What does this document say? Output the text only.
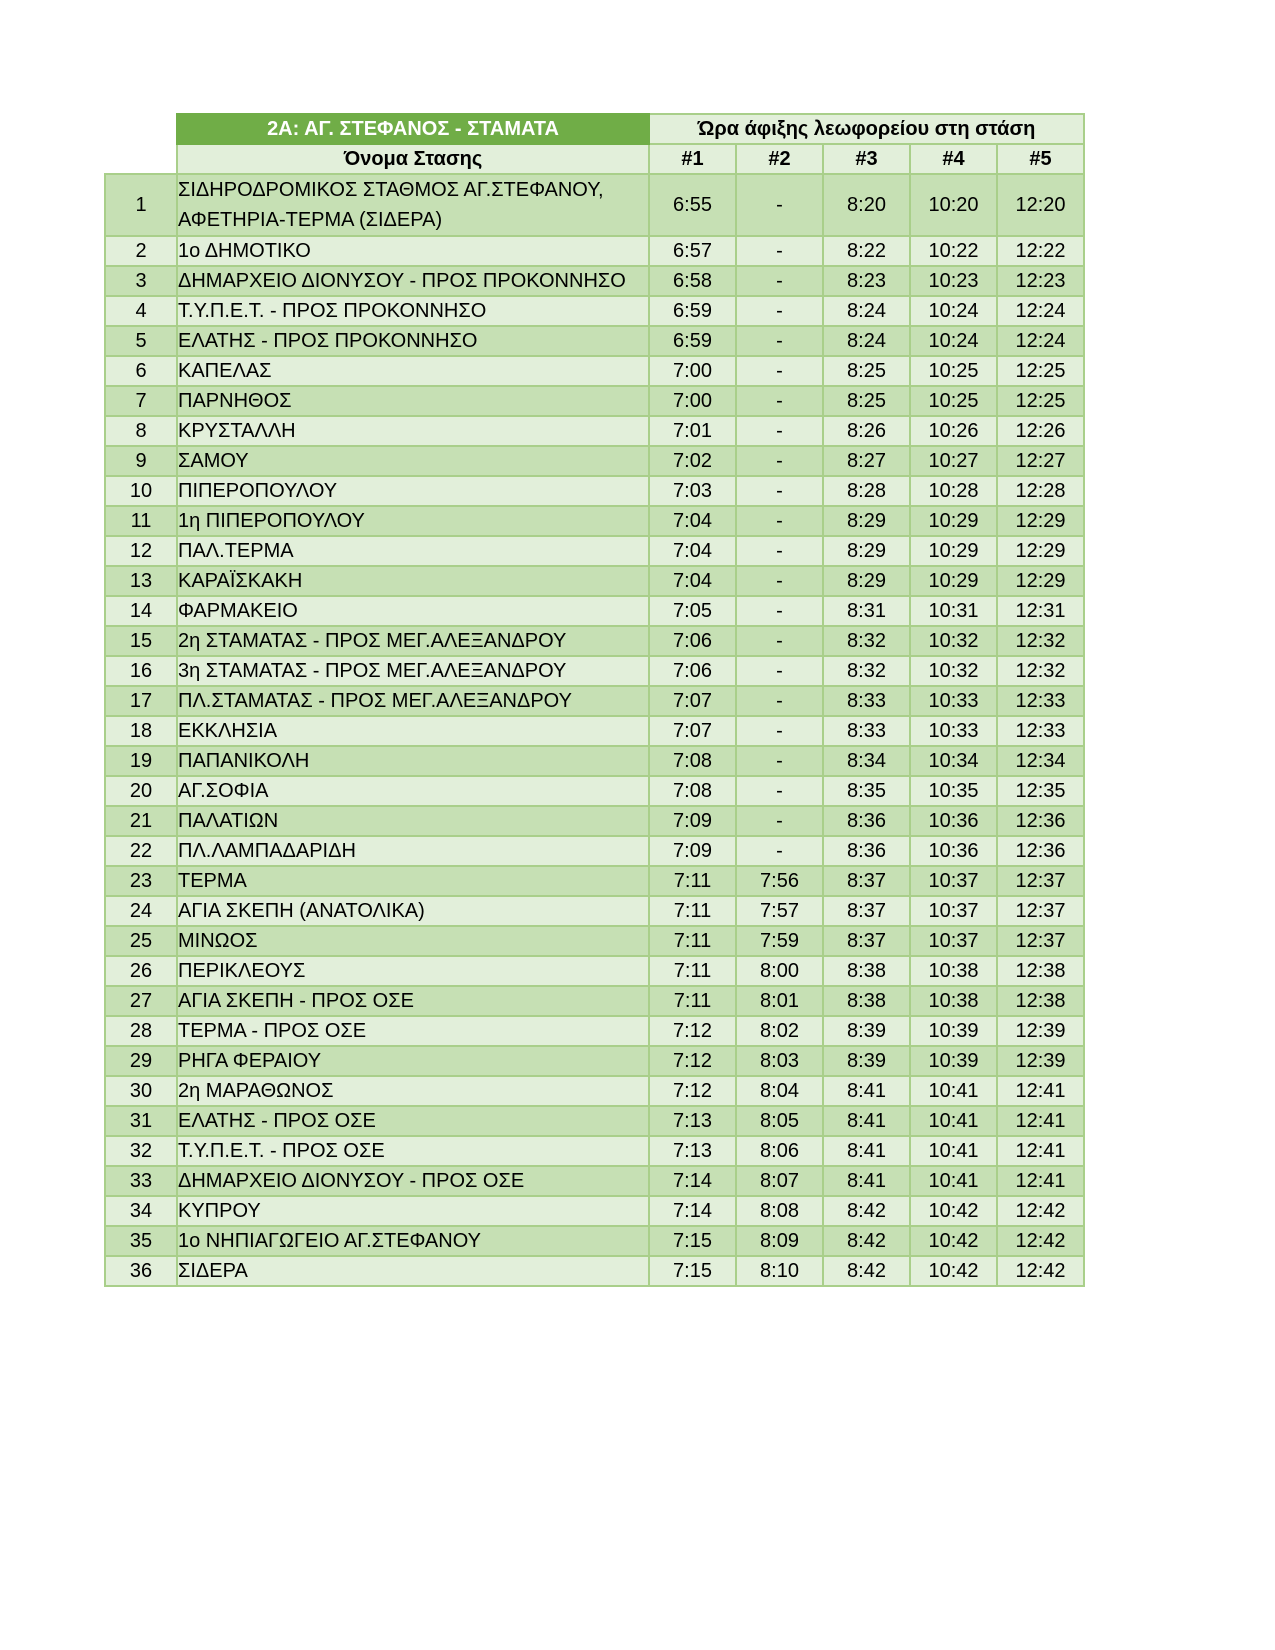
	2Α: ΑΓ. ΣΤΕΦΑΝΟΣ - ΣΤΑΜΑΤΑ	Ώρα άφιξης λεωφορείου στη στάση				
	Όνομα Στασης	#1	#2	#3	#4	#5
1	ΣΙΔΗΡΟΔΡΟΜΙΚΟΣ ΣΤΑΘΜΟΣ ΑΓ.ΣΤΕΦΑΝΟΥ,
ΑΦΕΤΗΡΙΑ-ΤΕΡΜΑ (ΣΙΔΕΡΑ)	6:55	-	8:20	10:20	12:20
2	1ο ΔΗΜΟΤΙΚΟ	6:57	-	8:22	10:22	12:22
3	ΔΗΜΑΡΧΕΙΟ ΔΙΟΝΥΣΟΥ - ΠΡΟΣ ΠΡΟΚΟΝΝΗΣΟ	6:58	-	8:23	10:23	12:23
4	Τ.Υ.Π.Ε.Τ. - ΠΡΟΣ ΠΡΟΚΟΝΝΗΣΟ	6:59	-	8:24	10:24	12:24
5	ΕΛΑΤΗΣ - ΠΡΟΣ ΠΡΟΚΟΝΝΗΣΟ	6:59	-	8:24	10:24	12:24
6	ΚΑΠΕΛΑΣ	7:00	-	8:25	10:25	12:25
7	ΠΑΡΝΗΘΟΣ	7:00	-	8:25	10:25	12:25
8	ΚΡΥΣΤΑΛΛΗ	7:01	-	8:26	10:26	12:26
9	ΣΑΜΟΥ	7:02	-	8:27	10:27	12:27
10	ΠΙΠΕΡΟΠΟΥΛΟΥ	7:03	-	8:28	10:28	12:28
11	1η ΠΙΠΕΡΟΠΟΥΛΟΥ	7:04	-	8:29	10:29	12:29
12	ΠΑΛ.ΤΕΡΜΑ	7:04	-	8:29	10:29	12:29
13	ΚΑΡΑΪΣΚΑΚΗ	7:04	-	8:29	10:29	12:29
14	ΦΑΡΜΑΚΕΙΟ	7:05	-	8:31	10:31	12:31
15	2η ΣΤΑΜΑΤΑΣ - ΠΡΟΣ ΜΕΓ.ΑΛΕΞΑΝΔΡΟΥ	7:06	-	8:32	10:32	12:32
16	3η ΣΤΑΜΑΤΑΣ - ΠΡΟΣ ΜΕΓ.ΑΛΕΞΑΝΔΡΟΥ	7:06	-	8:32	10:32	12:32
17	ΠΛ.ΣΤΑΜΑΤΑΣ - ΠΡΟΣ ΜΕΓ.ΑΛΕΞΑΝΔΡΟΥ	7:07	-	8:33	10:33	12:33
18	ΕΚΚΛΗΣΙΑ	7:07	-	8:33	10:33	12:33
19	ΠΑΠΑΝΙΚΟΛΗ	7:08	-	8:34	10:34	12:34
20	ΑΓ.ΣΟΦΙΑ	7:08	-	8:35	10:35	12:35
21	ΠΑΛΑΤΙΩΝ	7:09	-	8:36	10:36	12:36
22	ΠΛ.ΛΑΜΠΑΔΑΡΙΔΗ	7:09	-	8:36	10:36	12:36
23	ΤΕΡΜΑ	7:11	7:56	8:37	10:37	12:37
24	ΑΓΙΑ ΣΚΕΠΗ (ΑΝΑΤΟΛΙΚΑ)	7:11	7:57	8:37	10:37	12:37
25	ΜΙΝΩΟΣ	7:11	7:59	8:37	10:37	12:37
26	ΠΕΡΙΚΛΕΟΥΣ	7:11	8:00	8:38	10:38	12:38
27	ΑΓΙΑ ΣΚΕΠΗ - ΠΡΟΣ ΟΣΕ	7:11	8:01	8:38	10:38	12:38
28	ΤΕΡΜΑ - ΠΡΟΣ ΟΣΕ	7:12	8:02	8:39	10:39	12:39
29	ΡΗΓΑ ΦΕΡΑΙΟΥ	7:12	8:03	8:39	10:39	12:39
30	2η ΜΑΡΑΘΩΝΟΣ	7:12	8:04	8:41	10:41	12:41
31	ΕΛΑΤΗΣ - ΠΡΟΣ ΟΣΕ	7:13	8:05	8:41	10:41	12:41
32	Τ.Υ.Π.Ε.Τ. - ΠΡΟΣ ΟΣΕ	7:13	8:06	8:41	10:41	12:41
33	ΔΗΜΑΡΧΕΙΟ ΔΙΟΝΥΣΟΥ - ΠΡΟΣ ΟΣΕ	7:14	8:07	8:41	10:41	12:41
34	ΚΥΠΡΟΥ	7:14	8:08	8:42	10:42	12:42
35	1ο ΝΗΠΙΑΓΩΓΕΙΟ ΑΓ.ΣΤΕΦΑΝΟΥ	7:15	8:09	8:42	10:42	12:42
36	ΣΙΔΕΡΑ	7:15	8:10	8:42	10:42	12:42
